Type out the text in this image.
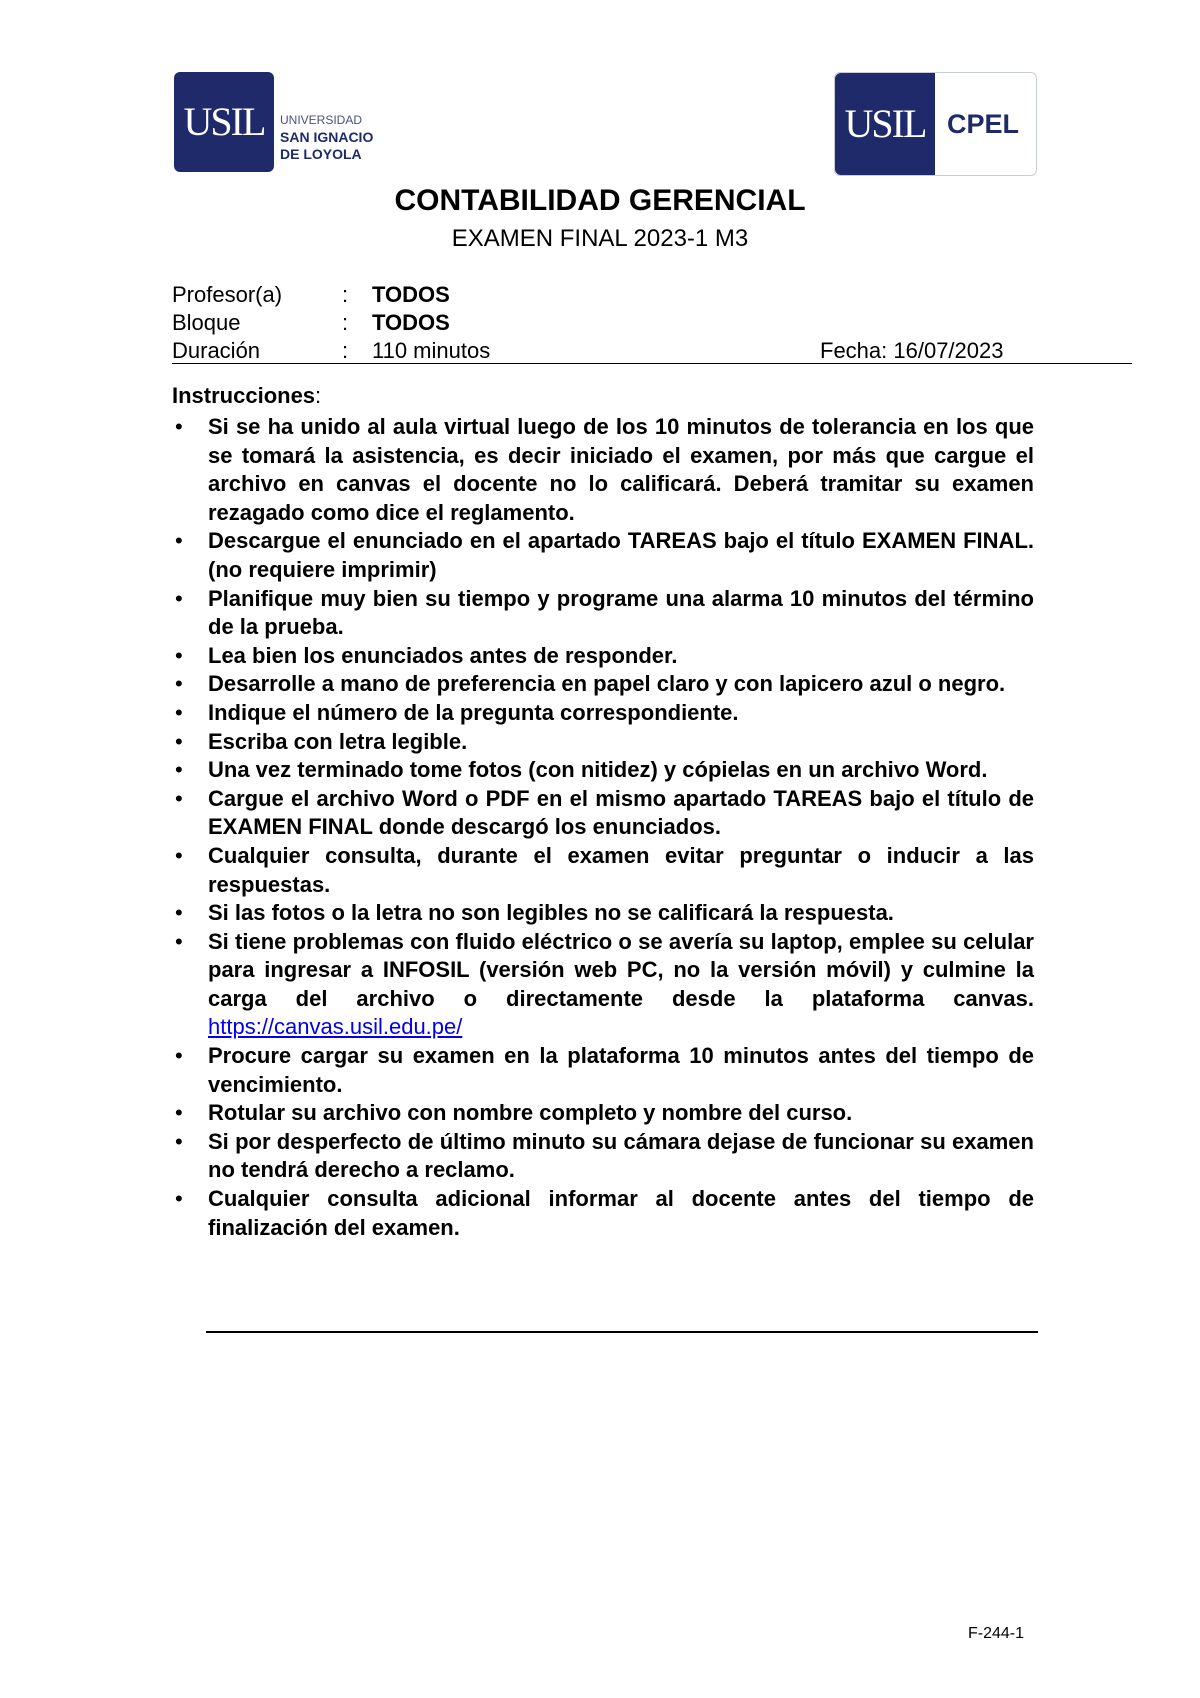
USIL	UNIVERSIDAD
SAN IGNACIO
DE LOYOLA
USIL CPEL
CONTABILIDAD GERENCIAL
EXAMEN FINAL 2023-1 M3
Profesor(a)	: TODOS
Bloque	: TODOS
Duración	: 110 minutos	Fecha: 16/07/2023
Instrucciones:
• Si se ha unido al aula virtual luego de los 10 minutos de tolerancia en los que se tomará la asistencia, es decir iniciado el examen, por más que cargue el archivo en canvas el docente no lo calificará. Deberá tramitar su examen rezagado como dice el reglamento.
• Descargue el enunciado en el apartado TAREAS bajo el título EXAMEN FINAL. (no requiere imprimir)
• Planifique muy bien su tiempo y programe una alarma 10 minutos del término de la prueba.
• Lea bien los enunciados antes de responder.
• Desarrolle a mano de preferencia en papel claro y con lapicero azul o negro.
• Indique el número de la pregunta correspondiente.
• Escriba con letra legible.
• Una vez terminado tome fotos (con nitidez) y cópielas en un archivo Word.
• Cargue el archivo Word o PDF en el mismo apartado TAREAS bajo el título de EXAMEN FINAL donde descargó los enunciados.
• Cualquier consulta, durante el examen evitar preguntar o inducir a las respuestas.
• Si las fotos o la letra no son legibles no se calificará la respuesta.
• Si tiene problemas con fluido eléctrico o se avería su laptop, emplee su celular para ingresar a INFOSIL (versión web PC, no la versión móvil) y culmine la carga del archivo o directamente desde la plataforma canvas. https://canvas.usil.edu.pe/
• Procure cargar su examen en la plataforma 10 minutos antes del tiempo de vencimiento.
• Rotular su archivo con nombre completo y nombre del curso.
• Si por desperfecto de último minuto su cámara dejase de funcionar su examen no tendrá derecho a reclamo.
• Cualquier consulta adicional informar al docente antes del tiempo de finalización del examen.
F-244-1
